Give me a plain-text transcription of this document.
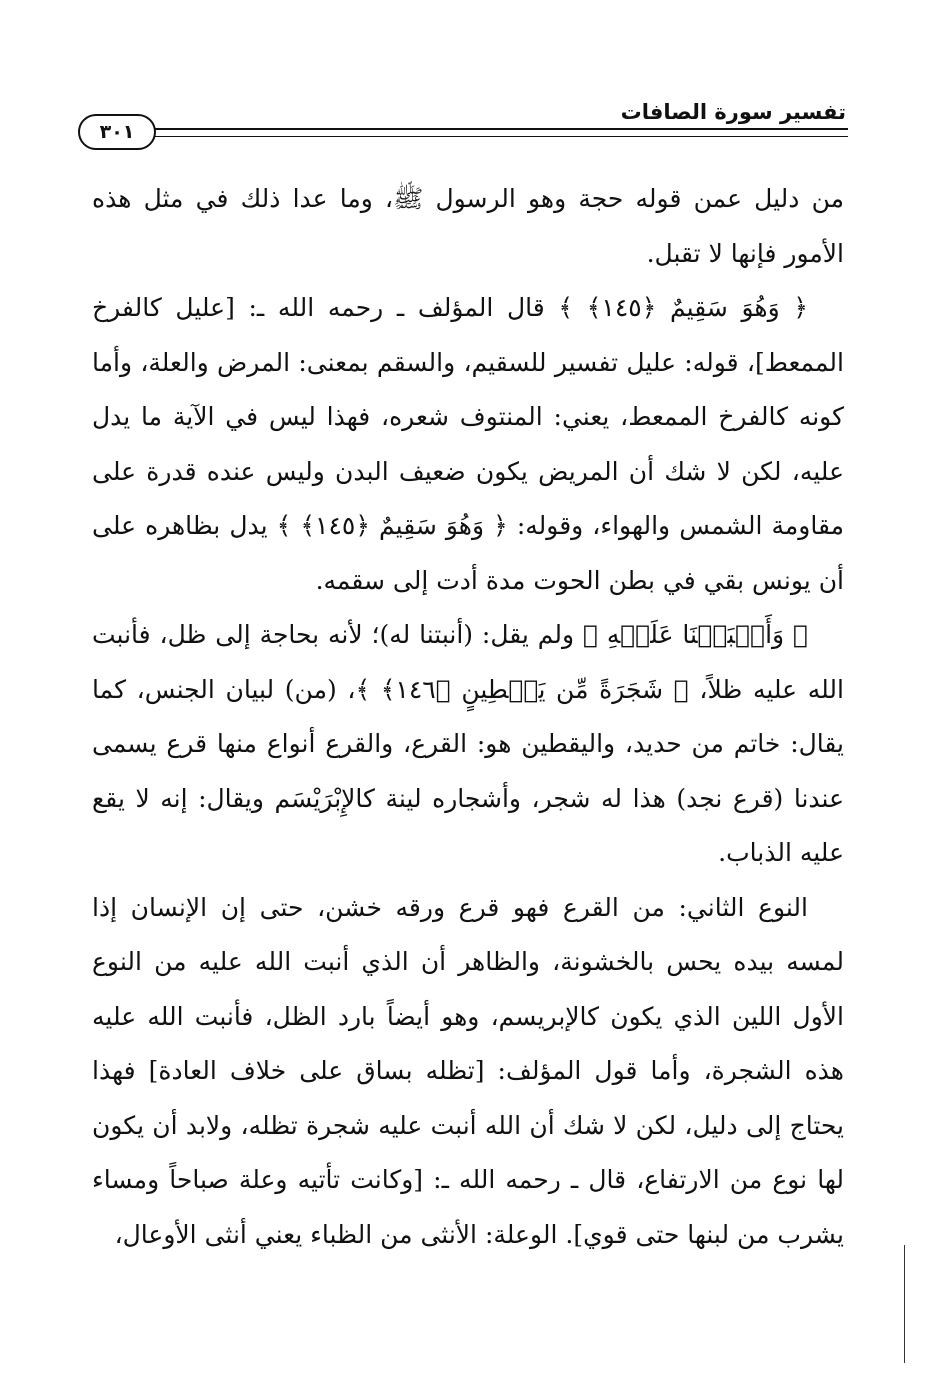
تفسير سورة الصافات
٣٠١

من دليل عمن قوله حجة وهو الرسول ﷺ، وما عدا ذلك في مثل هذه الأمور فإنها لا تقبل.

﴿ وَهُوَ سَقِيمٌ ﴿١٤٥﴾ ﴾ قال المؤلف ـ رحمه الله ـ: [عليل كالفرخ الممعط]، قوله: عليل تفسير للسقيم، والسقم بمعنى: المرض والعلة، وأما كونه كالفرخ الممعط، يعني: المنتوف شعره، فهذا ليس في الآية ما يدل عليه، لكن لا شك أن المريض يكون ضعيف البدن وليس عنده قدرة على مقاومة الشمس والهواء، وقوله: ﴿ وَهُوَ سَقِيمٌ ﴿١٤٥﴾ ﴾ يدل بظاهره على أن يونس بقي في بطن الحوت مدة أدت إلى سقمه.

﴿ وَأَنۢبَتۡنَا عَلَيۡهِ ﴾ ولم يقل: (أنبتنا له)؛ لأنه بحاجة إلى ظل، فأنبت الله عليه ظلاً، ﴿ شَجَرَةً مِّن يَقۡطِينٍ ﴿١٤٦﴾ ﴾، (من) لبيان الجنس، كما يقال: خاتم من حديد، واليقطين هو: القرع، والقرع أنواع منها قرع يسمى عندنا (قرع نجد) هذا له شجر، وأشجاره لينة كالإِبْرَيْسَم ويقال: إنه لا يقع عليه الذباب.

النوع الثاني: من القرع فهو قرع ورقه خشن، حتى إن الإنسان إذا لمسه بيده يحس بالخشونة، والظاهر أن الذي أنبت الله عليه من النوع الأول اللين الذي يكون كالإبريسم، وهو أيضاً بارد الظل، فأنبت الله عليه هذه الشجرة، وأما قول المؤلف: [تظله بساق على خلاف العادة] فهذا يحتاج إلى دليل، لكن لا شك أن الله أنبت عليه شجرة تظله، ولابد أن يكون لها نوع من الارتفاع، قال ـ رحمه الله ـ: [وكانت تأتيه وعلة صباحاً ومساء يشرب من لبنها حتى قوي]. الوعلة: الأنثى من الظباء يعني أنثى الأوعال،
